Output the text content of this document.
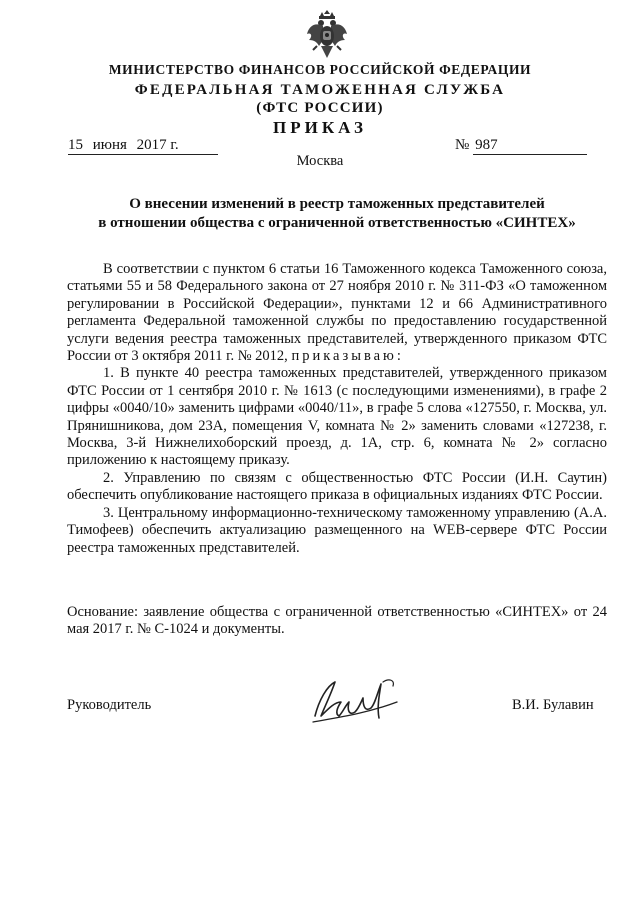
МИНИСТЕРСТВО ФИНАНСОВ РОССИЙСКОЙ ФЕДЕРАЦИИ
ФЕДЕРАЛЬНАЯ ТАМОЖЕННАЯ СЛУЖБА
(ФТС РОССИИ)
ПРИКАЗ
15 июня 2017 г.	№ 987
Москва
О внесении изменений в реестр таможенных представителей
в отношении общества с ограниченной ответственностью «СИНТЕХ»

В соответствии с пунктом 6 статьи 16 Таможенного кодекса Таможенного союза, статьями 55 и 58 Федерального закона от 27 ноября 2010 г. № 311-ФЗ «О таможенном регулировании в Российской Федерации», пунктами 12 и 66 Административного регламента Федеральной таможенной службы по предоставлению государственной услуги ведения реестра таможенных представителей, утвержденного приказом ФТС России от 3 октября 2011 г. № 2012, приказываю:

1. В пункте 40 реестра таможенных представителей, утвержденного приказом ФТС России от 1 сентября 2010 г. № 1613 (с последующими изменениями), в графе 2 цифры «0040/10» заменить цифрами «0040/11», в графе 5 слова «127550, г. Москва, ул. Прянишникова, дом 23А, помещения V, комната № 2» заменить словами «127238, г. Москва, 3-й Нижнелихоборский проезд, д. 1А, стр. 6, комната № 2» согласно приложению к настоящему приказу.

2. Управлению по связям с общественностью ФТС России (И.Н. Саутин) обеспечить опубликование настоящего приказа в официальных изданиях ФТС России.

3. Центральному информационно-техническому таможенному управлению (А.А. Тимофеев) обеспечить актуализацию размещенного на WEB-сервере ФТС России реестра таможенных представителей.

Основание: заявление общества с ограниченной ответственностью «СИНТЕХ» от 24 мая 2017 г. № С-1024 и документы.
Руководитель	В.И. Булавин
